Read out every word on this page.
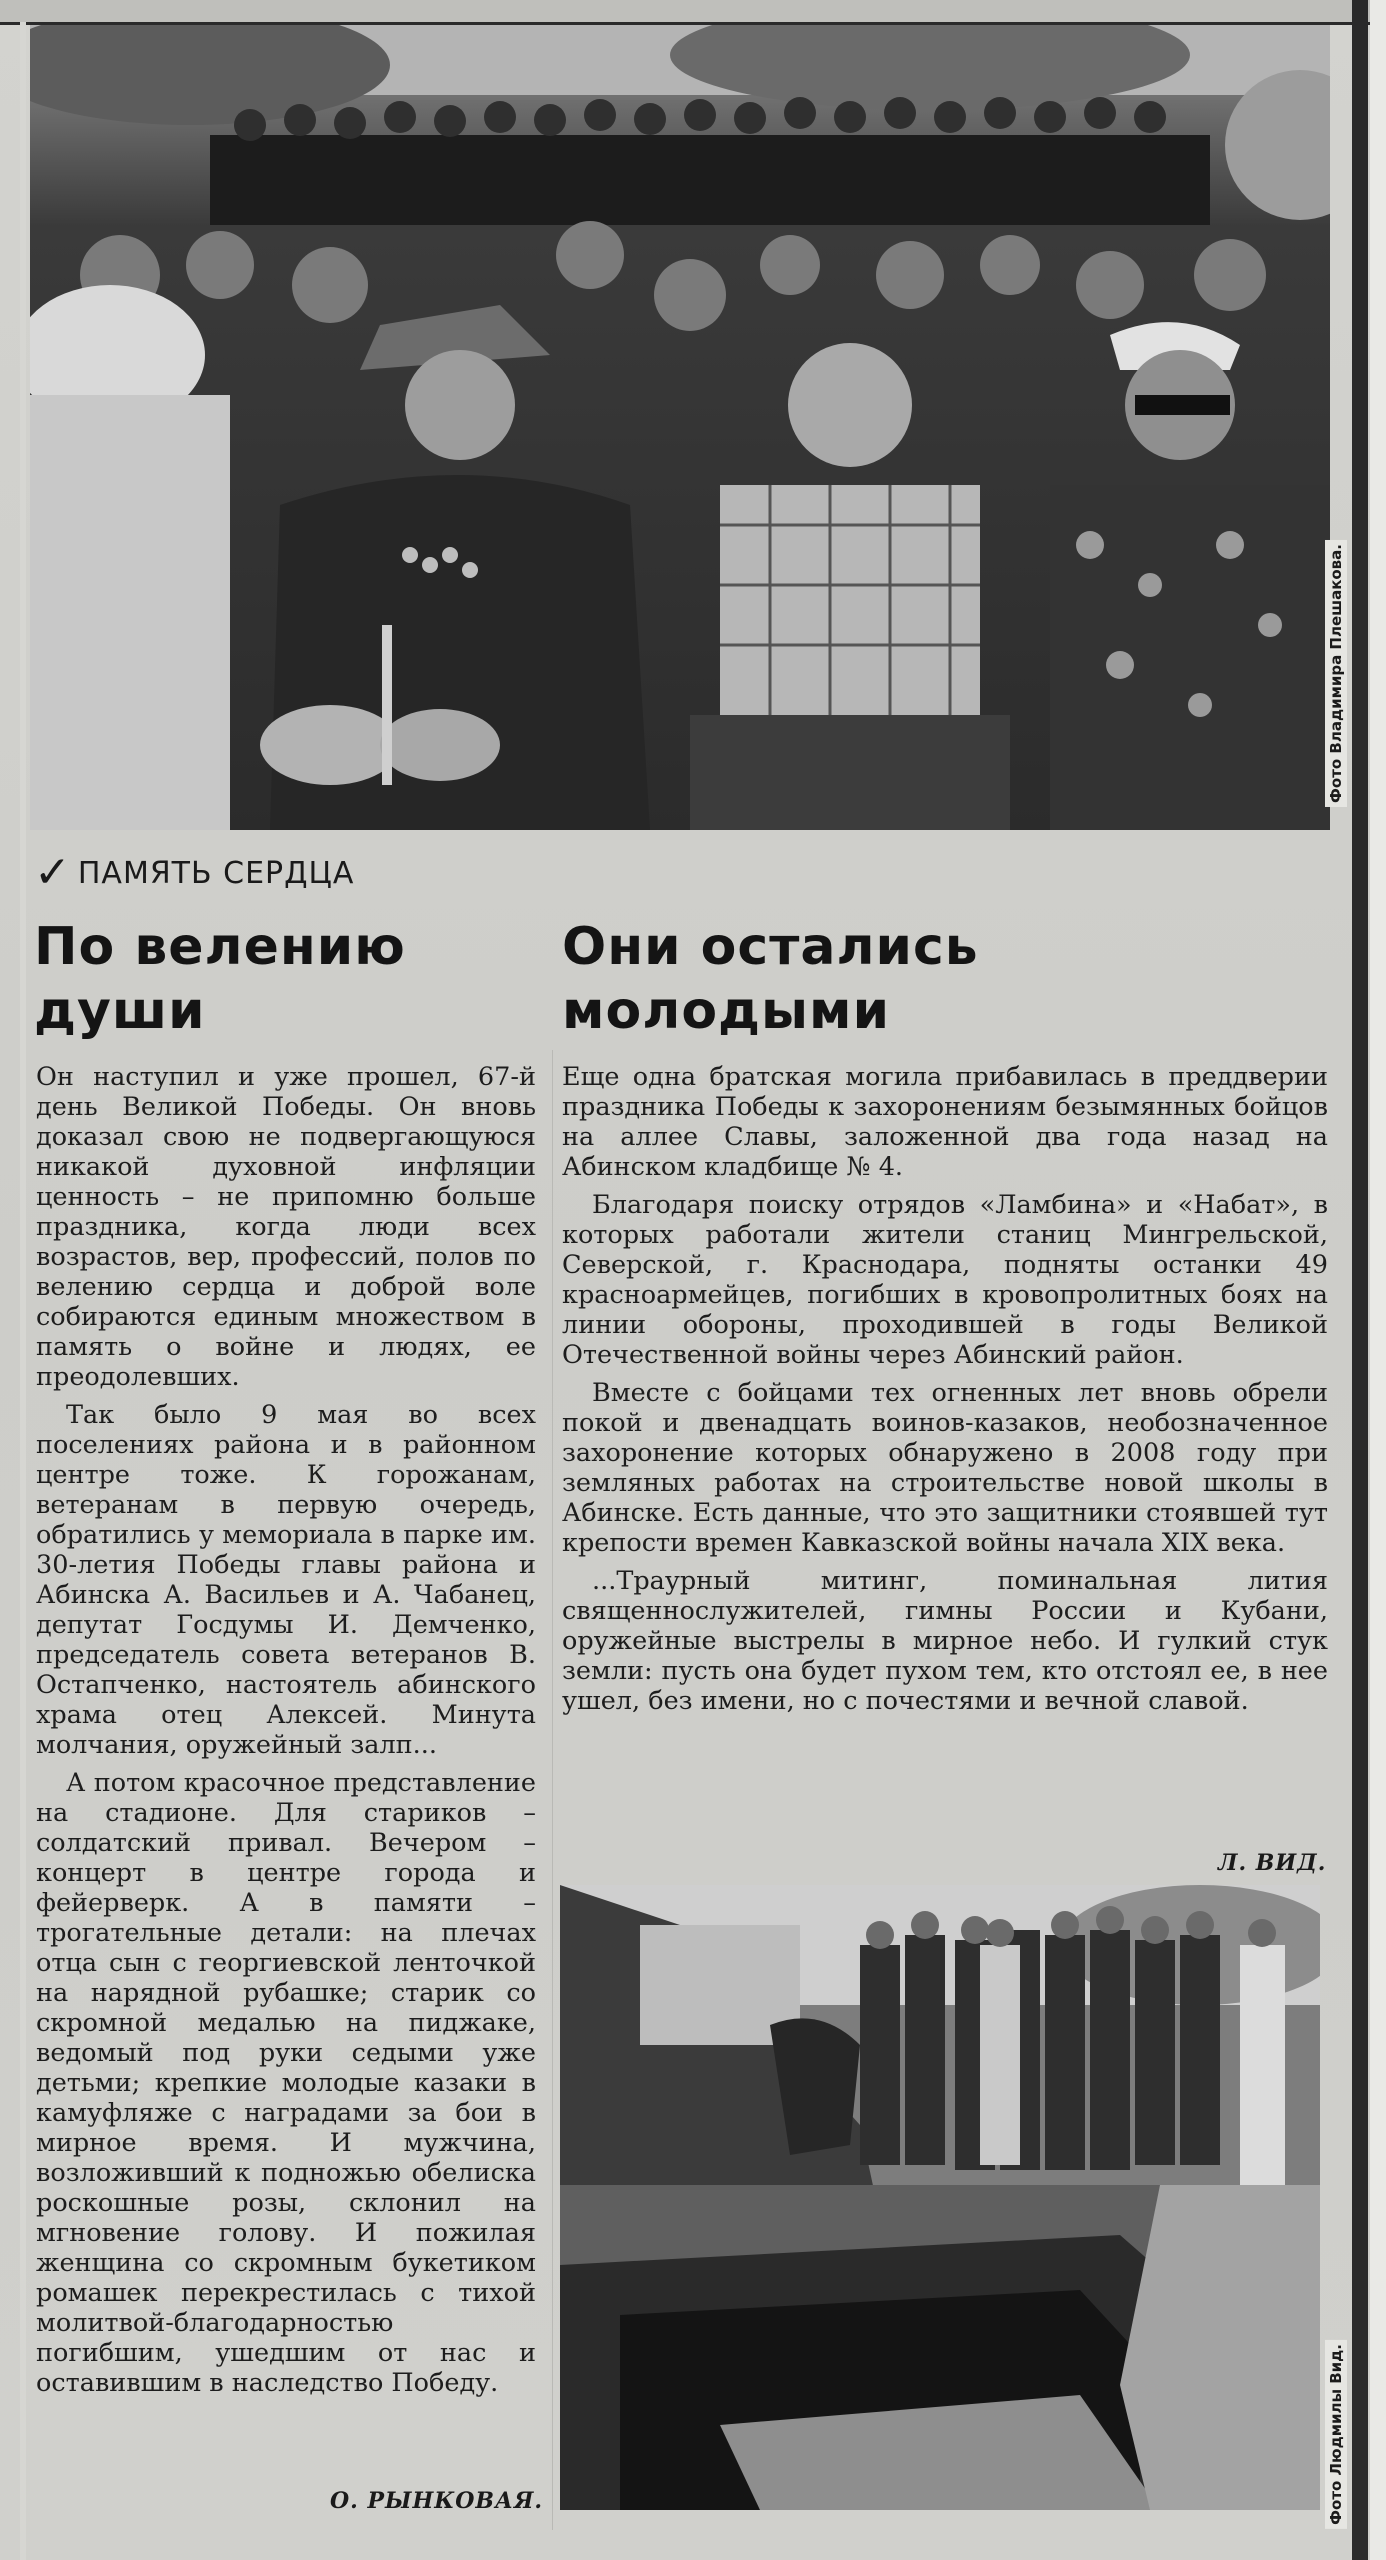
Фото Владимира Плешакова.
✓ ПАМЯТЬ СЕРДЦА
По велению
души

Он наступил и уже прошел, 67-й день Великой Победы. Он вновь доказал свою не подвергающуюся никакой духовной инфляции ценность – не припомню больше праздника, когда люди всех возрастов, вер, профессий, полов по велению сердца и доброй воле собираются единым множеством в память о войне и людях, ее преодолевших.

Так было 9 мая во всех поселениях района и в районном центре тоже. К горожанам, ветеранам в первую очередь, обратились у мемориала в парке им. 30-летия Победы главы района и Абинска А. Васильев и А. Чабанец, депутат Госдумы И. Демченко, председатель совета ветеранов В. Остапченко, настоятель абинского храма отец Алексей. Минута молчания, оружейный залп...

А потом красочное представление на стадионе. Для стариков – солдатский привал. Вечером – концерт в центре города и фейерверк. А в памяти – трогательные детали: на плечах отца сын с георгиевской ленточкой на нарядной рубашке; старик со скромной медалью на пиджаке, ведомый под руки седыми уже детьми; крепкие молодые казаки в камуфляже с наградами за бои в мирное время. И мужчина, возложивший к подножью обелиска роскошные розы, склонил на мгновение голову. И пожилая женщина со скромным букетиком ромашек перекрестилась с тихой молитвой-благодарностью погибшим, ушедшим от нас и оставившим в наследство Победу.

О. РЫНКОВАЯ.
Они остались
молодыми

Еще одна братская могила прибавилась в преддверии праздника Победы к захоронениям безымянных бойцов на аллее Славы, заложенной два года назад на Абинском кладбище № 4.

Благодаря поиску отрядов «Ламбина» и «Набат», в которых работали жители станиц Мингрельской, Северской, г. Краснодара, подняты останки 49 красноармейцев, погибших в кровопролитных боях на линии обороны, проходившей в годы Великой Отечественной войны через Абинский район.

Вместе с бойцами тех огненных лет вновь обрели покой и двенадцать воинов-казаков, необозначенное захоронение которых обнаружено в 2008 году при земляных работах на строительстве новой школы в Абинске. Есть данные, что это защитники стоявшей тут крепости времен Кавказской войны начала XIX века.

...Траурный митинг, поминальная лития священнослужителей, гимны России и Кубани, оружейные выстрелы в мирное небо. И гулкий стук земли: пусть она будет пухом тем, кто отстоял ее, в нее ушел, без имени, но с почестями и вечной славой.

Л. ВИД.
Фото Людмилы Вид.
